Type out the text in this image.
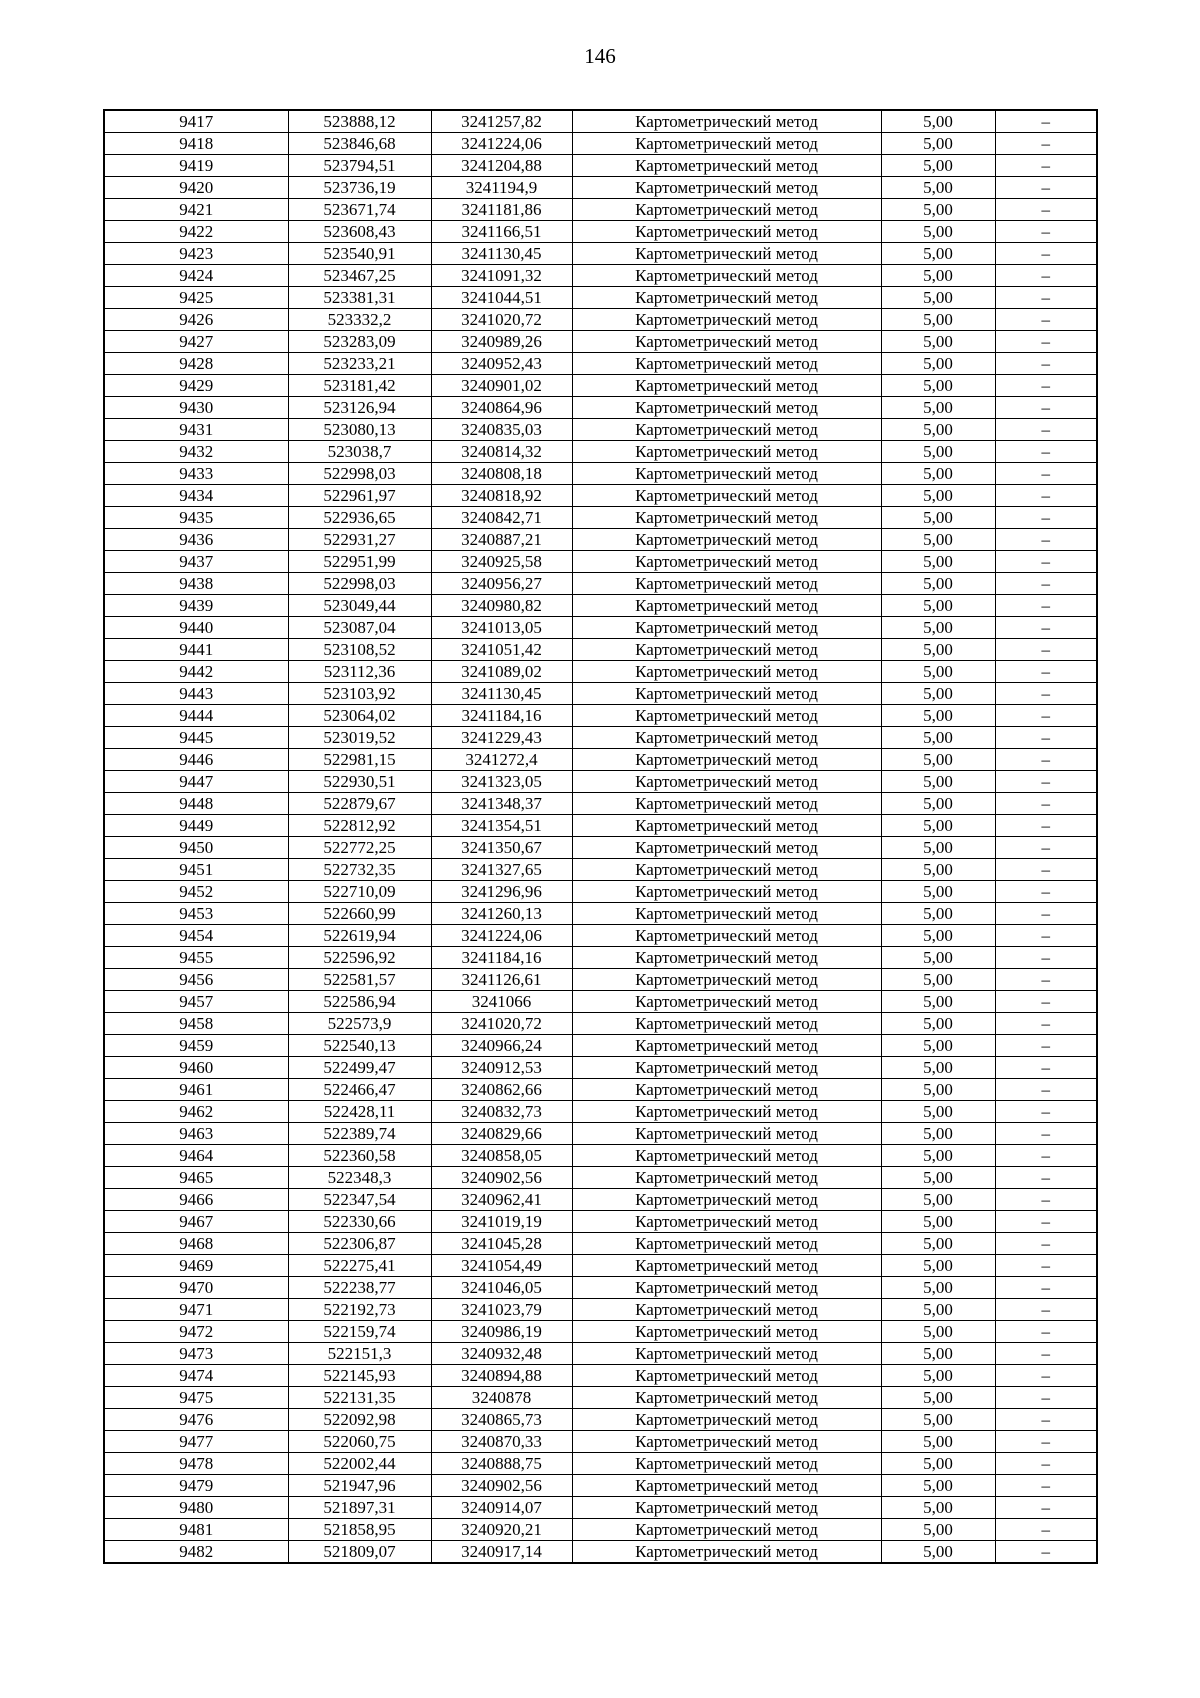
146
9417	523888,12	3241257,82	Картометрический метод	5,00	–
9418	523846,68	3241224,06	Картометрический метод	5,00	–
9419	523794,51	3241204,88	Картометрический метод	5,00	–
9420	523736,19	3241194,9	Картометрический метод	5,00	–
9421	523671,74	3241181,86	Картометрический метод	5,00	–
9422	523608,43	3241166,51	Картометрический метод	5,00	–
9423	523540,91	3241130,45	Картометрический метод	5,00	–
9424	523467,25	3241091,32	Картометрический метод	5,00	–
9425	523381,31	3241044,51	Картометрический метод	5,00	–
9426	523332,2	3241020,72	Картометрический метод	5,00	–
9427	523283,09	3240989,26	Картометрический метод	5,00	–
9428	523233,21	3240952,43	Картометрический метод	5,00	–
9429	523181,42	3240901,02	Картометрический метод	5,00	–
9430	523126,94	3240864,96	Картометрический метод	5,00	–
9431	523080,13	3240835,03	Картометрический метод	5,00	–
9432	523038,7	3240814,32	Картометрический метод	5,00	–
9433	522998,03	3240808,18	Картометрический метод	5,00	–
9434	522961,97	3240818,92	Картометрический метод	5,00	–
9435	522936,65	3240842,71	Картометрический метод	5,00	–
9436	522931,27	3240887,21	Картометрический метод	5,00	–
9437	522951,99	3240925,58	Картометрический метод	5,00	–
9438	522998,03	3240956,27	Картометрический метод	5,00	–
9439	523049,44	3240980,82	Картометрический метод	5,00	–
9440	523087,04	3241013,05	Картометрический метод	5,00	–
9441	523108,52	3241051,42	Картометрический метод	5,00	–
9442	523112,36	3241089,02	Картометрический метод	5,00	–
9443	523103,92	3241130,45	Картометрический метод	5,00	–
9444	523064,02	3241184,16	Картометрический метод	5,00	–
9445	523019,52	3241229,43	Картометрический метод	5,00	–
9446	522981,15	3241272,4	Картометрический метод	5,00	–
9447	522930,51	3241323,05	Картометрический метод	5,00	–
9448	522879,67	3241348,37	Картометрический метод	5,00	–
9449	522812,92	3241354,51	Картометрический метод	5,00	–
9450	522772,25	3241350,67	Картометрический метод	5,00	–
9451	522732,35	3241327,65	Картометрический метод	5,00	–
9452	522710,09	3241296,96	Картометрический метод	5,00	–
9453	522660,99	3241260,13	Картометрический метод	5,00	–
9454	522619,94	3241224,06	Картометрический метод	5,00	–
9455	522596,92	3241184,16	Картометрический метод	5,00	–
9456	522581,57	3241126,61	Картометрический метод	5,00	–
9457	522586,94	3241066	Картометрический метод	5,00	–
9458	522573,9	3241020,72	Картометрический метод	5,00	–
9459	522540,13	3240966,24	Картометрический метод	5,00	–
9460	522499,47	3240912,53	Картометрический метод	5,00	–
9461	522466,47	3240862,66	Картометрический метод	5,00	–
9462	522428,11	3240832,73	Картометрический метод	5,00	–
9463	522389,74	3240829,66	Картометрический метод	5,00	–
9464	522360,58	3240858,05	Картометрический метод	5,00	–
9465	522348,3	3240902,56	Картометрический метод	5,00	–
9466	522347,54	3240962,41	Картометрический метод	5,00	–
9467	522330,66	3241019,19	Картометрический метод	5,00	–
9468	522306,87	3241045,28	Картометрический метод	5,00	–
9469	522275,41	3241054,49	Картометрический метод	5,00	–
9470	522238,77	3241046,05	Картометрический метод	5,00	–
9471	522192,73	3241023,79	Картометрический метод	5,00	–
9472	522159,74	3240986,19	Картометрический метод	5,00	–
9473	522151,3	3240932,48	Картометрический метод	5,00	–
9474	522145,93	3240894,88	Картометрический метод	5,00	–
9475	522131,35	3240878	Картометрический метод	5,00	–
9476	522092,98	3240865,73	Картометрический метод	5,00	–
9477	522060,75	3240870,33	Картометрический метод	5,00	–
9478	522002,44	3240888,75	Картометрический метод	5,00	–
9479	521947,96	3240902,56	Картометрический метод	5,00	–
9480	521897,31	3240914,07	Картометрический метод	5,00	–
9481	521858,95	3240920,21	Картометрический метод	5,00	–
9482	521809,07	3240917,14	Картометрический метод	5,00	–
